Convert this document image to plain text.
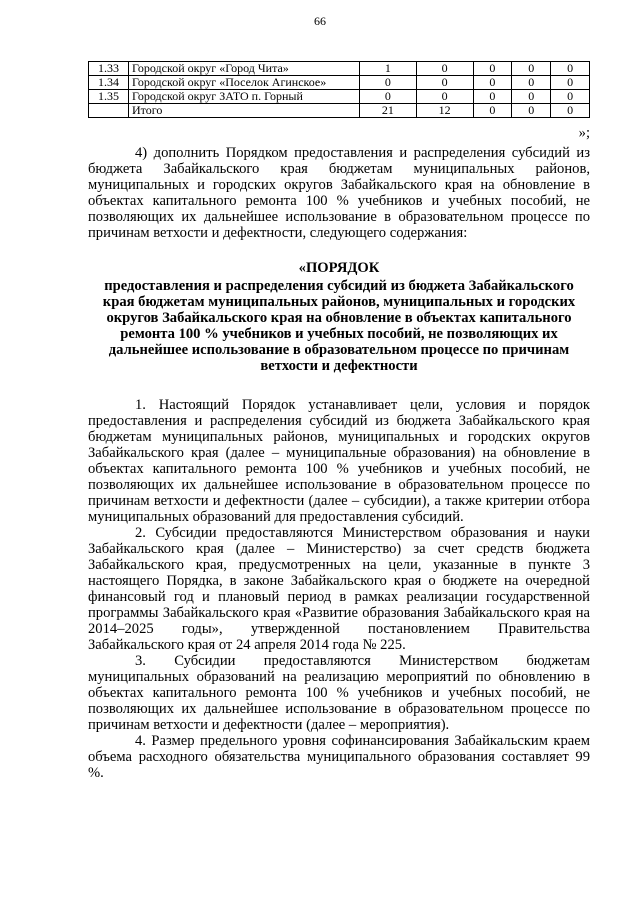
66
1.33	Городской округ «Город Чита»	1	0	0	0	0
1.34	Городской округ «Поселок Агинское»	0	0	0	0	0
1.35	Городской округ ЗАТО п. Горный	0	0	0	0	0
	Итого	21	12	0	0	0
»;

4) дополнить Порядком предоставления и распределения субсидий из бюджета Забайкальского края бюджетам муниципальных районов, муниципальных и городских округов Забайкальского края на обновление в объектах капитального ремонта 100 % учебников и учебных пособий, не позволяющих их дальнейшее использование в образовательном процессе по причинам ветхости и дефектности, следующего содержания:

«ПОРЯДОК
предоставления и распределения субсидий из бюджета Забайкальского края бюджетам муниципальных районов, муниципальных и городских округов Забайкальского края на обновление в объектах капитального ремонта 100 % учебников и учебных пособий, не позволяющих их дальнейшее использование в образовательном процессе по причинам ветхости и дефектности

1. Настоящий Порядок устанавливает цели, условия и порядок предоставления и распределения субсидий из бюджета Забайкальского края бюджетам муниципальных районов, муниципальных и городских округов Забайкальского края (далее – муниципальные образования) на обновление в объектах капитального ремонта 100 % учебников и учебных пособий, не позволяющих их дальнейшее использование в образовательном процессе по причинам ветхости и дефектности (далее – субсидии), а также критерии отбора муниципальных образований для предоставления субсидий.

2. Субсидии предоставляются Министерством образования и науки Забайкальского края (далее – Министерство) за счет средств бюджета Забайкальского края, предусмотренных на цели, указанные в пункте 3 настоящего Порядка, в законе Забайкальского края о бюджете на очередной финансовый год и плановый период в рамках реализации государственной программы Забайкальского края «Развитие образования Забайкальского края на 2014–2025 годы», утвержденной постановлением Правительства Забайкальского края от 24 апреля 2014 года № 225.

3. Субсидии предоставляются Министерством бюджетам муниципальных образований на реализацию мероприятий по обновлению в объектах капитального ремонта 100 % учебников и учебных пособий, не позволяющих их дальнейшее использование в образовательном процессе по причинам ветхости и дефектности (далее – мероприятия).

4. Размер предельного уровня софинансирования Забайкальским краем объема расходного обязательства муниципального образования составляет 99 %.
